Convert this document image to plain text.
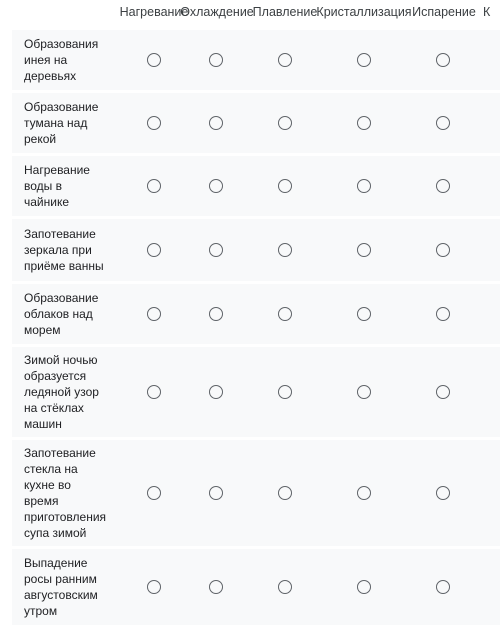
Нагревание
Охлаждение
Плавление Кристаллизация Испарение К
Образования
инея на
деревьях
Образование
тумана над
рекой
Нагревание
воды в
чайнике
Запотевание
зеркала при
приёме ванны
Образование
облаков над
морем
Зимой ночью
образуется
ледяной узор
на стёклах
машин
Запотевание
стекла на
кухне во
время
приготовления
супа зимой
Выпадение
росы ранним
августовским
утром
